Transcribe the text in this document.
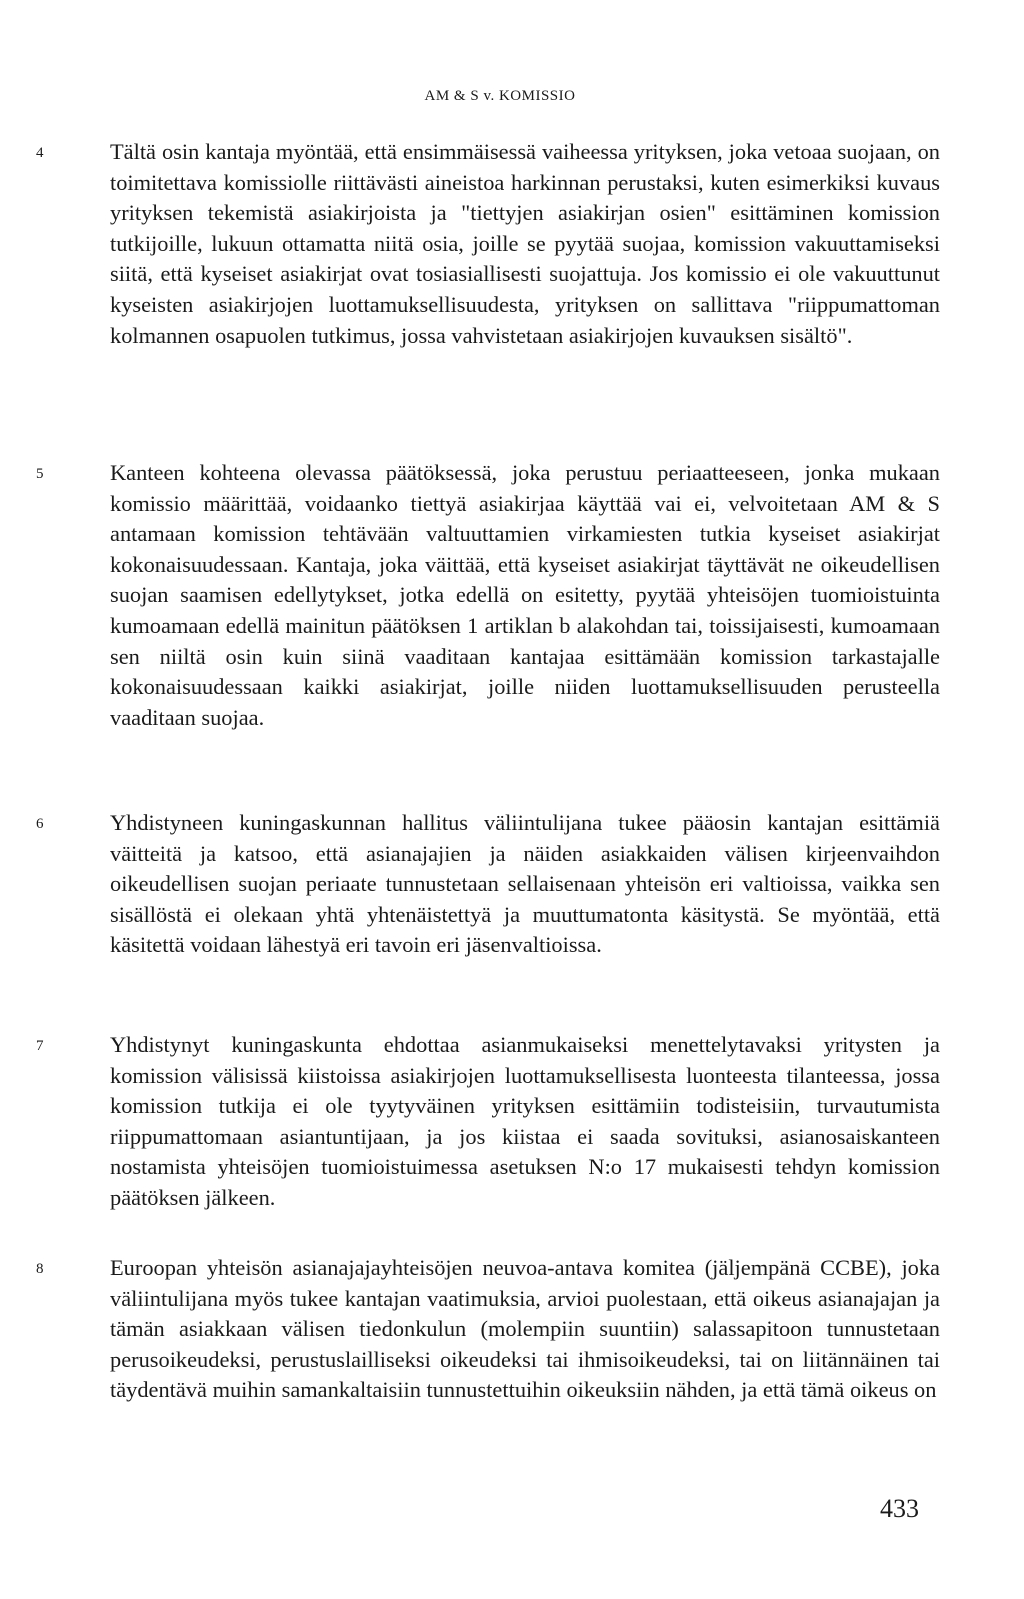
AM & S v. KOMISSIO
4	Tältä osin kantaja myöntää, että ensimmäisessä vaiheessa yrityksen, joka vetoaa suojaan, on toimitettava komissiolle riittävästi aineistoa harkinnan perustaksi, kuten esimerkiksi kuvaus yrityksen tekemistä asiakirjoista ja "tiettyjen asiakirjan osien" esittäminen komission tutkijoille, lukuun ottamatta niitä osia, joille se pyytää suojaa, komission vakuuttamiseksi siitä, että kyseiset asiakirjat ovat tosiasiallisesti suojattuja. Jos komissio ei ole vakuuttunut kyseisten asiakirjojen luottamuksellisuudesta, yrityksen on sallittava "riippumattoman kolmannen osapuolen tutkimus, jossa vahvistetaan asiakirjojen kuvauksen sisältö".

5	Kanteen kohteena olevassa päätöksessä, joka perustuu periaatteeseen, jonka mukaan komissio määrittää, voidaanko tiettyä asiakirjaa käyttää vai ei, velvoitetaan AM & S antamaan komission tehtävään valtuuttamien virkamiesten tutkia kyseiset asiakirjat kokonaisuudessaan. Kantaja, joka väittää, että kyseiset asiakirjat täyttävät ne oikeudellisen suojan saamisen edellytykset, jotka edellä on esitetty, pyytää yhteisöjen tuomioistuinta kumoamaan edellä mainitun päätöksen 1 artiklan b alakohdan tai, toissijaisesti, kumoamaan sen niiltä osin kuin siinä vaaditaan kantajaa esittämään komission tarkastajalle kokonaisuudessaan kaikki asiakirjat, joille niiden luottamuksellisuuden perusteella vaaditaan suojaa.

6	Yhdistyneen kuningaskunnan hallitus väliintulijana tukee pääosin kantajan esittämiä väitteitä ja katsoo, että asianajajien ja näiden asiakkaiden välisen kirjeenvaihdon oikeudellisen suojan periaate tunnustetaan sellaisenaan yhteisön eri valtioissa, vaikka sen sisällöstä ei olekaan yhtä yhtenäistettyä ja muuttumatonta käsitystä. Se myöntää, että käsitettä voidaan lähestyä eri tavoin eri jäsenvaltioissa.

7	Yhdistynyt kuningaskunta ehdottaa asianmukaiseksi menettelytavaksi yritysten ja komission välisissä kiistoissa asiakirjojen luottamuksellisesta luonteesta tilanteessa, jossa komission tutkija ei ole tyytyväinen yrityksen esittämiin todisteisiin, turvautumista riippumattomaan asiantuntijaan, ja jos kiistaa ei saada sovituksi, asianosaiskanteen nostamista yhteisöjen tuomioistuimessa asetuksen N:o 17 mukaisesti tehdyn komission päätöksen jälkeen.

8	Euroopan yhteisön asianajajayhteisöjen neuvoa-antava komitea (jäljempänä CCBE), joka väliintulijana myös tukee kantajan vaatimuksia, arvioi puolestaan, että oikeus asianajajan ja tämän asiakkaan välisen tiedonkulun (molempiin suuntiin) salassapitoon tunnustetaan perusoikeudeksi, perustuslailliseksi oikeudeksi tai ihmisoikeudeksi, tai on liitännäinen tai täydentävä muihin samankaltaisiin tunnustettuihin oikeuksiin nähden, ja että tämä oikeus on

433
